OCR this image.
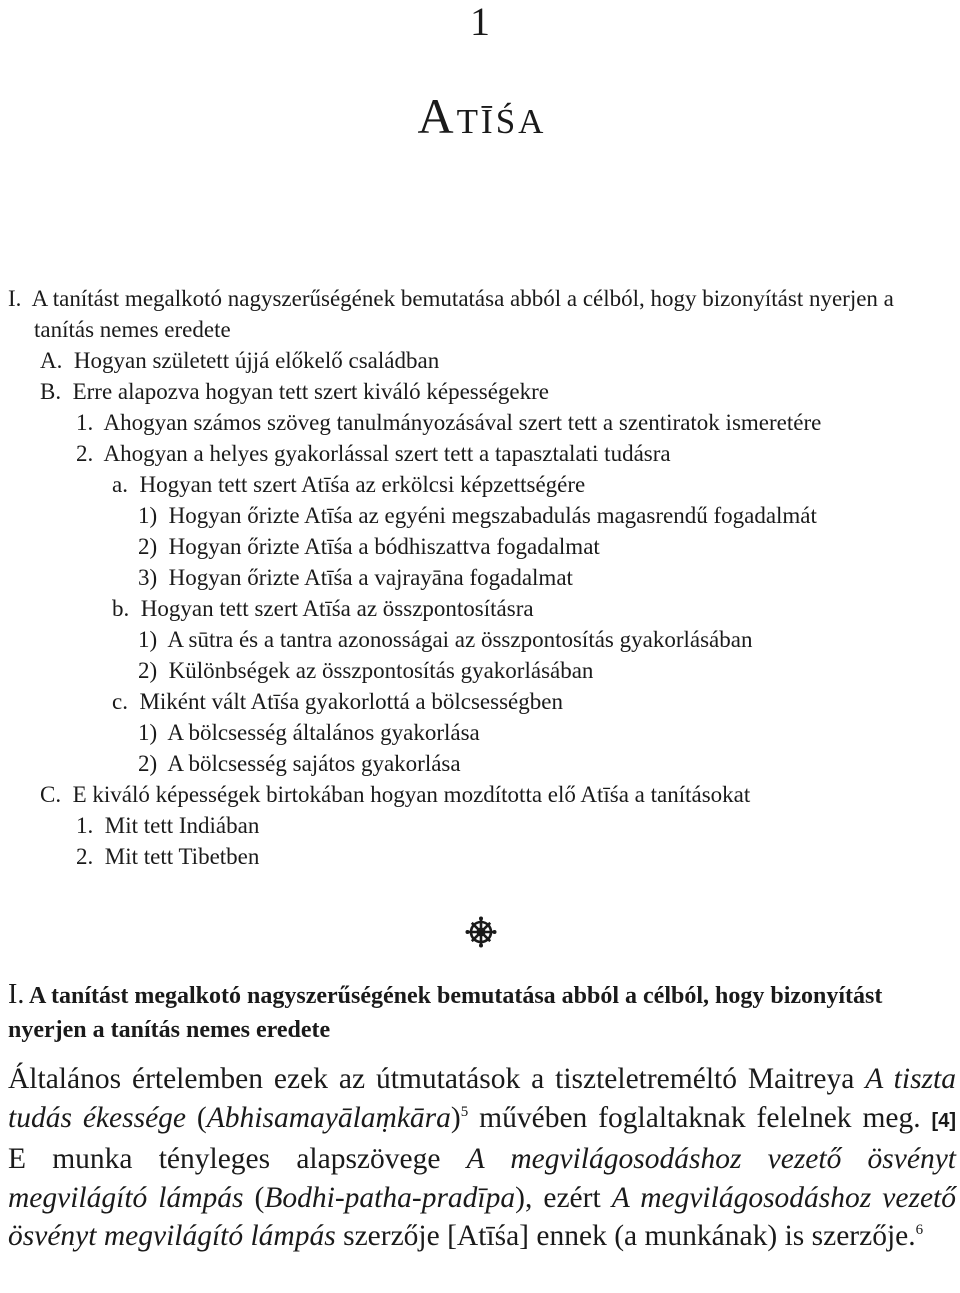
1
Atīśa
I. A tanítást megalkotó nagyszerűségének bemutatása abból a célból, hogy bizonyítást nyerjen a tanítás nemes eredete
A. Hogyan született újjá előkelő családban
B. Erre alapozva hogyan tett szert kiváló képességekre
1. Ahogyan számos szöveg tanulmányozásával szert tett a szentiratok ismeretére
2. Ahogyan a helyes gyakorlással szert tett a tapasztalati tudásra
a. Hogyan tett szert Atīśa az erkölcsi képzettségére
1) Hogyan őrizte Atīśa az egyéni megszabadulás magasrendű fogadalmát
2) Hogyan őrizte Atīśa a bódhiszattva fogadalmat
3) Hogyan őrizte Atīśa a vajrayāna fogadalmat
b. Hogyan tett szert Atīśa az összpontosításra
1) A sūtra és a tantra azonosságai az összpontosítás gyakorlásában
2) Különbségek az összpontosítás gyakorlásában
c. Miként vált Atīśa gyakorlottá a bölcsességben
1) A bölcsesség általános gyakorlása
2) A bölcsesség sajátos gyakorlása
C. E kiváló képességek birtokában hogyan mozdította elő Atīśa a tanításokat
1. Mit tett Indiában
2. Mit tett Tibetben
I. A tanítást megalkotó nagyszerűségének bemutatása abból a célból, hogy bizonyítást nyerjen a tanítás nemes eredete
Általános értelemben ezek az útmutatások a tiszteletreméltó Maitreya A tiszta tudás ékessége (Abhisamayālaṃkāra)$^5$ művében foglaltaknak felelnek meg. [4] E munka tényleges alapszövege A megvilágosodáshoz vezető ösvényt megvilágító lámpás (Bodhi-patha-pradīpa), ezért A megvilágosodáshoz vezető ösvényt megvilágító lámpás szerzője [Atīśa] ennek (a munkának) is szerzője.$^6$
